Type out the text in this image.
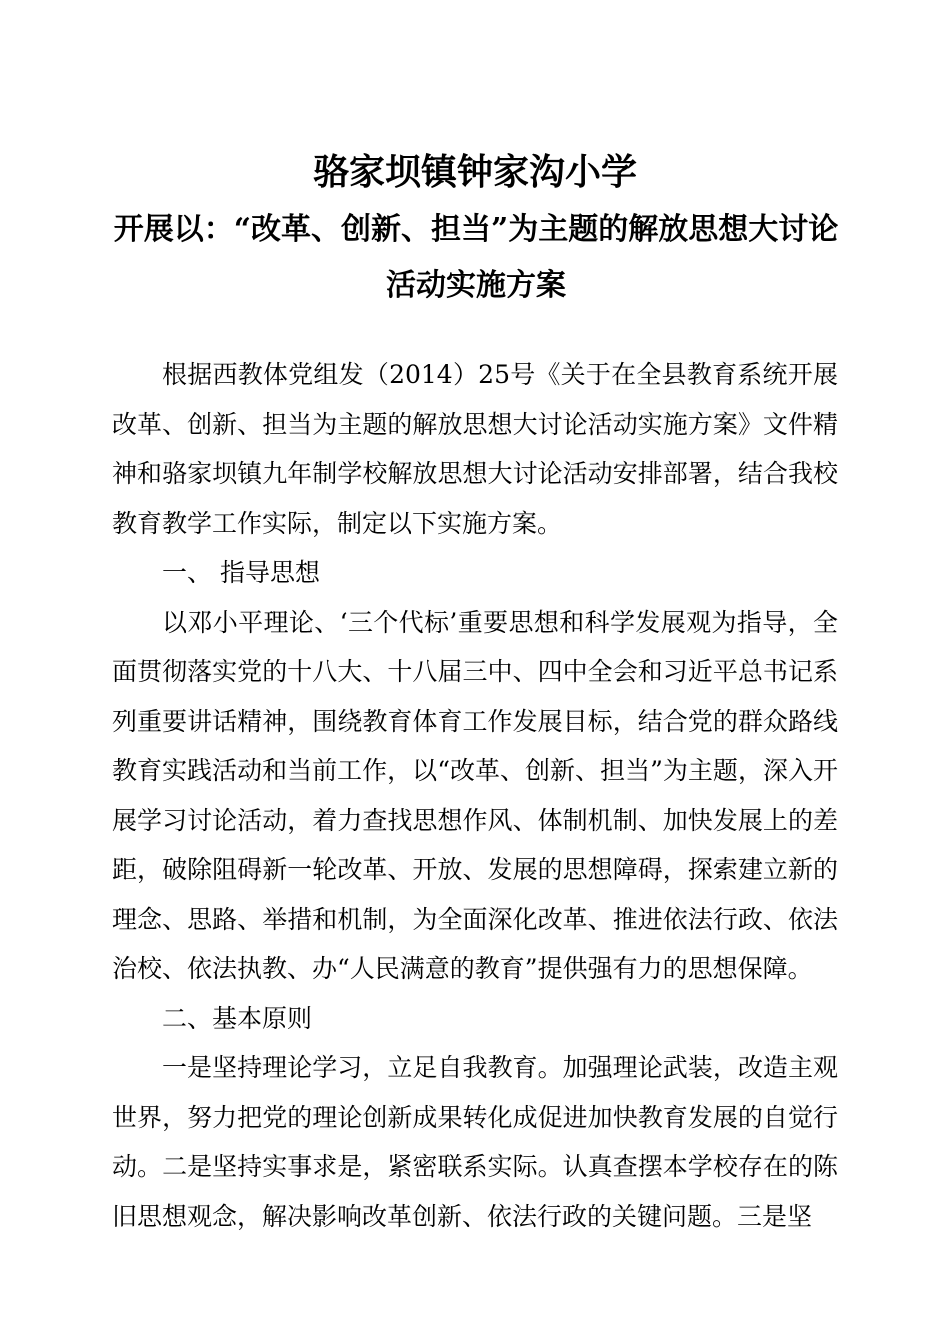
骆家坝镇钟家沟小学
开展以：“改革、创新、担当”为主题的解放思想大讨论活动实施方案

根据西教体党组发（2014）25号《关于在全县教育系统开展改革、创新、担当为主题的解放思想大讨论活动实施方案》文件精神和骆家坝镇九年制学校解放思想大讨论活动安排部署，结合我校教育教学工作实际，制定以下实施方案。

一、 指导思想

以邓小平理论、‘三个代标’重要思想和科学发展观为指导，全面贯彻落实党的十八大、十八届三中、四中全会和习近平总书记系列重要讲话精神，围绕教育体育工作发展目标，结合党的群众路线教育实践活动和当前工作，以“改革、创新、担当”为主题，深入开展学习讨论活动，着力查找思想作风、体制机制、加快发展上的差距，破除阻碍新一轮改革、开放、发展的思想障碍，探索建立新的理念、思路、举措和机制，为全面深化改革、推进依法行政、依法治校、依法执教、办“人民满意的教育”提供强有力的思想保障。

二、基本原则

一是坚持理论学习，立足自我教育。加强理论武装，改造主观世界，努力把党的理论创新成果转化成促进加快教育发展的自觉行动。二是坚持实事求是，紧密联系实际。认真查摆本学校存在的陈旧思想观念，解决影响改革创新、依法行政的关键问题。三是坚
